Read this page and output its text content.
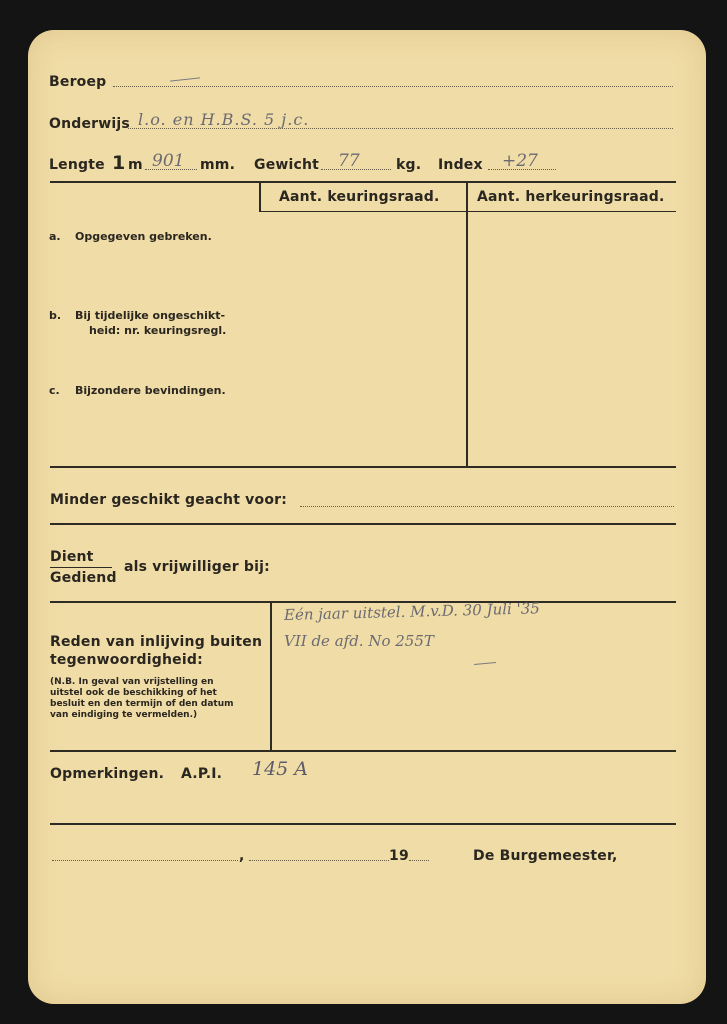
Beroep
Onderwijs l.o. en H.B.S. 5 j.c.
Lengte 1 m 901 mm. Gewicht 77	kg. Index +27
Aant. keuringsraad.	Aant. herkeuringsraad.
a. Opgegeven gebreken.
b. Bij tijdelijke ongeschikt-
heid: nr. keuringsregl.
c. Bijzondere bevindingen.
Minder geschikt geacht voor:
Dient
Gediend
als vrijwilliger bij:
Reden van inlijving buiten
tegenwoordigheid:
(N.B. In geval van vrijstelling en
uitstel ook de beschikking of het
besluit en den termijn of den datum
van eindiging te vermelden.)
Eén jaar uitstel. M.v.D. 30 Juli '35
VII de afd. No 255T
Opmerkingen. A.P.I. 145 A
,	19	De Burgemeester,
